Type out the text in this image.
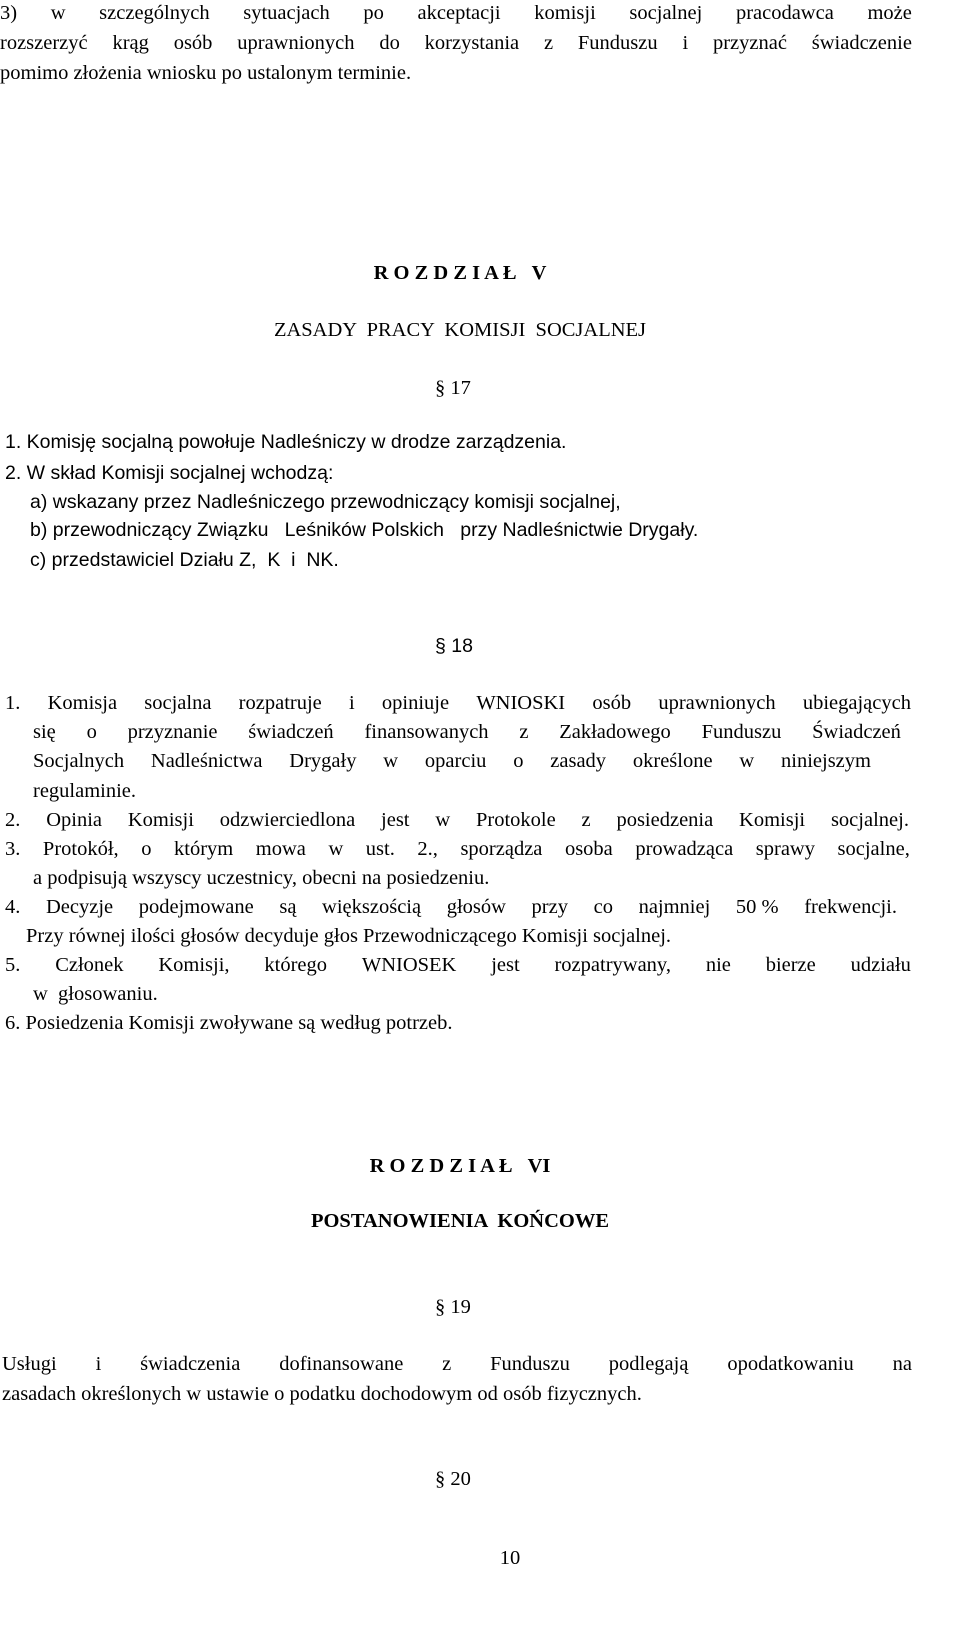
3) w szczególnych sytuacjach po akceptacji komisji socjalnej pracodawca może
rozszerzyć krąg osób uprawnionych do korzystania z Funduszu i przyznać świadczenie
pomimo złożenia wniosku po ustalonym terminie.
R O Z D Z I A Ł   V
ZASADY  PRACY  KOMISJI  SOCJALNEJ
§ 17
1. Komisję socjalną powołuje Nadleśniczy w drodze zarządzenia.
2. W skład Komisji socjalnej wchodzą:
a) wskazany przez Nadleśniczego przewodniczący komisji socjalnej,
b) przewodniczący Związku   Leśników Polskich   przy Nadleśnictwie Drygały.
c) przedstawiciel Działu Z,  K  i  NK.
§ 18
1. Komisja socjalna rozpatruje i opiniuje WNIOSKI osób uprawnionych ubiegających
się o przyznanie świadczeń finansowanych z Zakładowego Funduszu Świadczeń
Socjalnych Nadleśnictwa Drygały w oparciu o zasady określone w niniejszym
regulaminie.
2. Opinia Komisji odzwierciedlona jest w Protokole z posiedzenia Komisji socjalnej.
3. Protokół, o którym mowa w ust. 2., sporządza osoba prowadząca sprawy socjalne,
a podpisują wszyscy uczestnicy, obecni na posiedzeniu.
4. Decyzje podejmowane są większością głosów przy co najmniej 50 % frekwencji.
Przy równej ilości głosów decyduje głos Przewodniczącego Komisji socjalnej.
5. Członek Komisji, którego WNIOSEK jest rozpatrywany, nie bierze udziału
w  głosowaniu.
6. Posiedzenia Komisji zwoływane są według potrzeb.
R O Z D Z I A Ł   VI
POSTANOWIENIA  KOŃCOWE
§ 19
Usługi i świadczenia dofinansowane z Funduszu podlegają opodatkowaniu na
zasadach określonych w ustawie o podatku dochodowym od osób fizycznych.
§ 20
10
